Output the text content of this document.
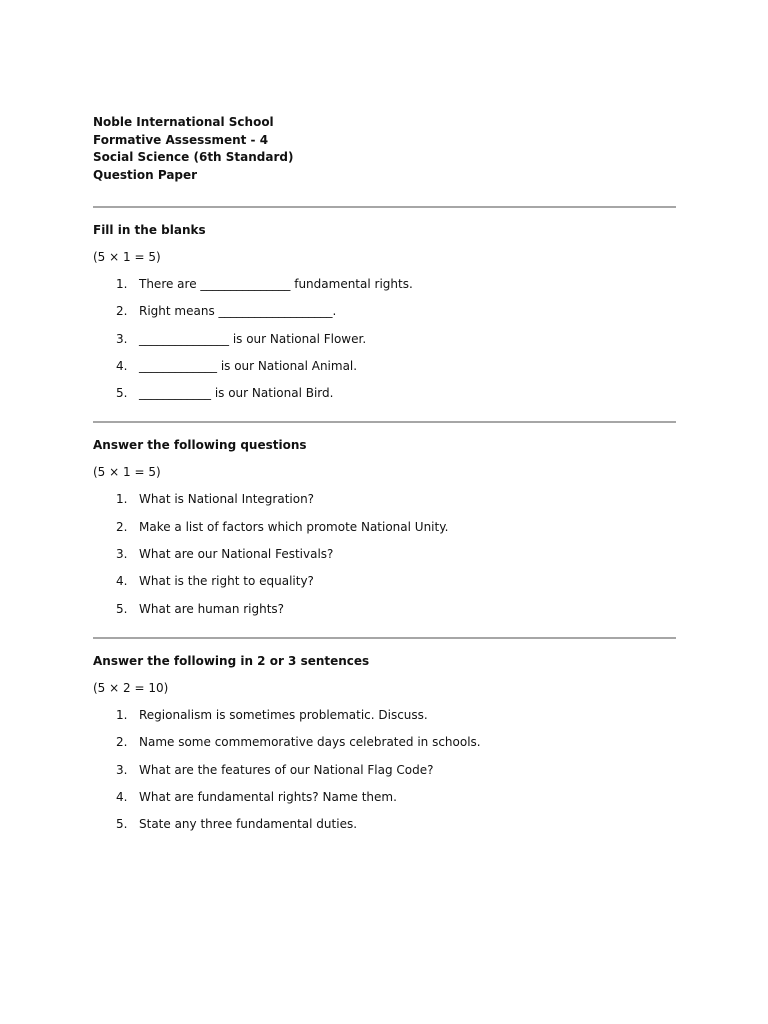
Noble International School

Formative Assessment - 4

Social Science (6th Standard)

Question Paper

Fill in the blanks

(5 × 1 = 5)

1. There are _______________ fundamental rights.
2. Right means ___________________.
3. _______________ is our National Flower.
4. _____________ is our National Animal.
5. ____________ is our National Bird.

Answer the following questions

(5 × 1 = 5)

1. What is National Integration?
2. Make a list of factors which promote National Unity.
3. What are our National Festivals?
4. What is the right to equality?
5. What are human rights?

Answer the following in 2 or 3 sentences

(5 × 2 = 10)

1. Regionalism is sometimes problematic. Discuss.
2. Name some commemorative days celebrated in schools.
3. What are the features of our National Flag Code?
4. What are fundamental rights? Name them.
5. State any three fundamental duties.
